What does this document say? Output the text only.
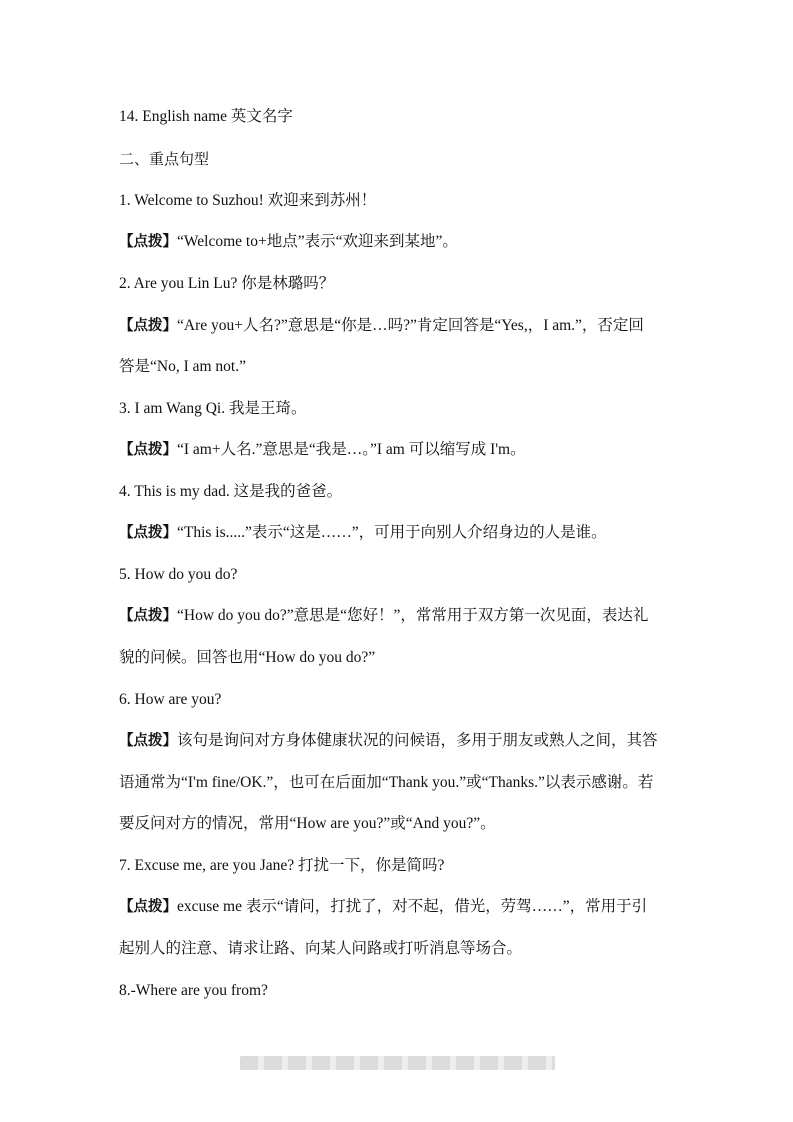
14. English name 英文名字
二、重点句型
1. Welcome to Suzhou! 欢迎来到苏州！
【点拨】“Welcome to+地点”表示“欢迎来到某地”。
2. Are you Lin Lu? 你是林璐吗？
【点拨】“Are you+人名?”意思是“你是…吗?”肯定回答是“Yes,，I am.”，否定回
答是“No, I am not.”
3. I am Wang Qi. 我是王琦。
【点拨】“I am+人名.”意思是“我是…。”I am 可以缩写成 I'm。
4. This is my dad. 这是我的爸爸。
【点拨】“This is.....”表示“这是……”，可用于向别人介绍身边的人是谁。
5. How do you do?
【点拨】“How do you do?”意思是“您好！”，常常用于双方第一次见面，表达礼
貌的问候。回答也用“How do you do?”
6. How are you?
【点拨】该句是询问对方身体健康状况的问候语，多用于朋友或熟人之间，其答
语通常为“I'm fine/OK.”，也可在后面加“Thank you.”或“Thanks.”以表示感谢。若
要反问对方的情况，常用“How are you?”或“And you?”。
7. Excuse me, are you Jane? 打扰一下，你是简吗?
【点拨】excuse me 表示“请问，打扰了，对不起，借光，劳驾……”，常用于引
起别人的注意、请求让路、向某人问路或打听消息等场合。
8.-Where are you from?
